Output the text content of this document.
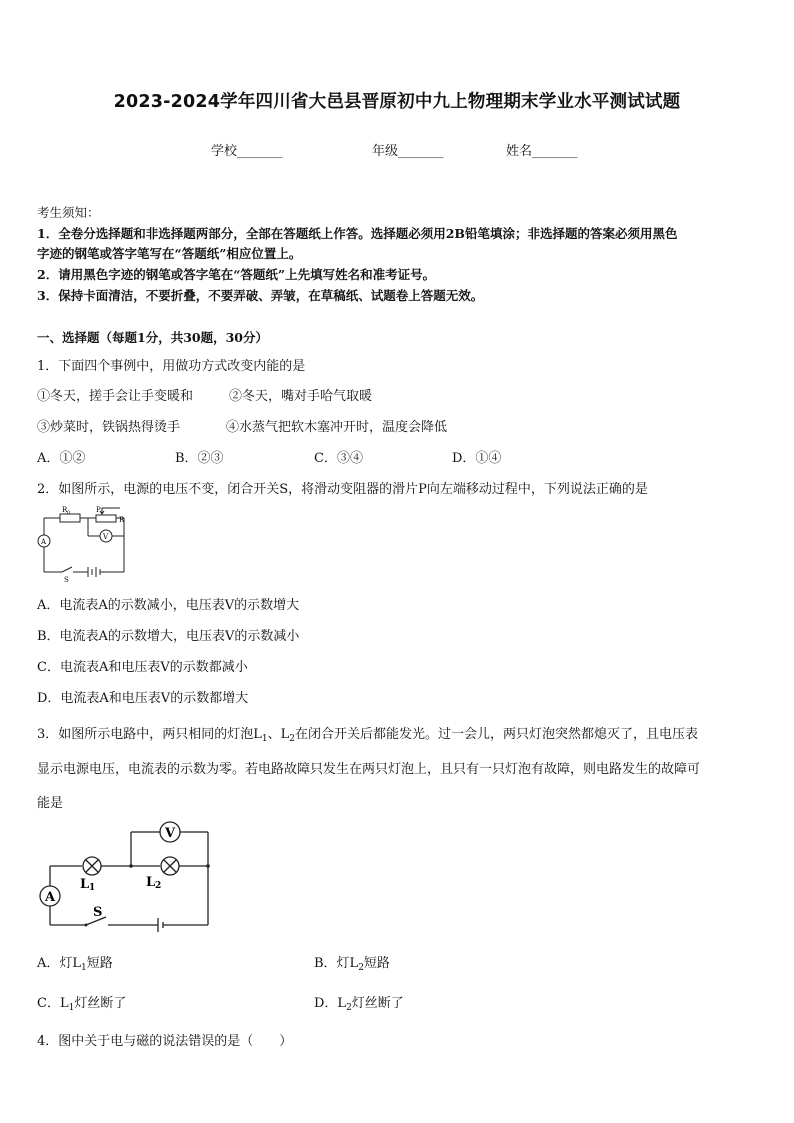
2023-2024学年四川省大邑县晋原初中九上物理期末学业水平测试试题
学校_______	年级_______	姓名_______
考生须知：
1．全卷分选择题和非选择题两部分，全部在答题纸上作答。选择题必须用2B铅笔填涂；非选择题的答案必须用黑色
字迹的钢笔或答字笔写在“答题纸”相应位置上。
2．请用黑色字迹的钢笔或答字笔在“答题纸”上先填写姓名和准考证号。
3．保持卡面清洁，不要折叠，不要弄破、弄皱，在草稿纸、试题卷上答题无效。
一、选择题（每题1分，共30题，30分）
1．下面四个事例中，用做功方式改变内能的是
①冬天，搓手会让手变暖和	②冬天，嘴对手哈气取暖
③炒菜时，铁锅热得烫手	④水蒸气把软木塞冲开时，温度会降低
A．①②	B．②③	C．③④	D．①④
2．如图所示，电源的电压不变，闭合开关S，将滑动变阻器的滑片P向左端移动过程中，下列说法正确的是
R 0	P
R
V
A
S
A．电流表A的示数减小，电压表V的示数增大
B．电流表A的示数增大，电压表V的示数减小
C．电流表A和电压表V的示数都减小
D．电流表A和电压表V的示数都增大
3．如图所示电路中，两只相同的灯泡$L_1$、$L_2$在闭合开关后都能发光。过一会儿，两只灯泡突然都熄灭了，且电压表
显示电源电压，电流表的示数为零。若电路故障只发生在两只灯泡上，且只有一只灯泡有故障，则电路发生的故障可
能是
V
A
L 1	L 2
S
A．灯$L_1$短路	B．灯$L_2$短路
C．$L_1$灯丝断了	D．$L_2$灯丝断了
4．图中关于电与磁的说法错误的是（　　）
